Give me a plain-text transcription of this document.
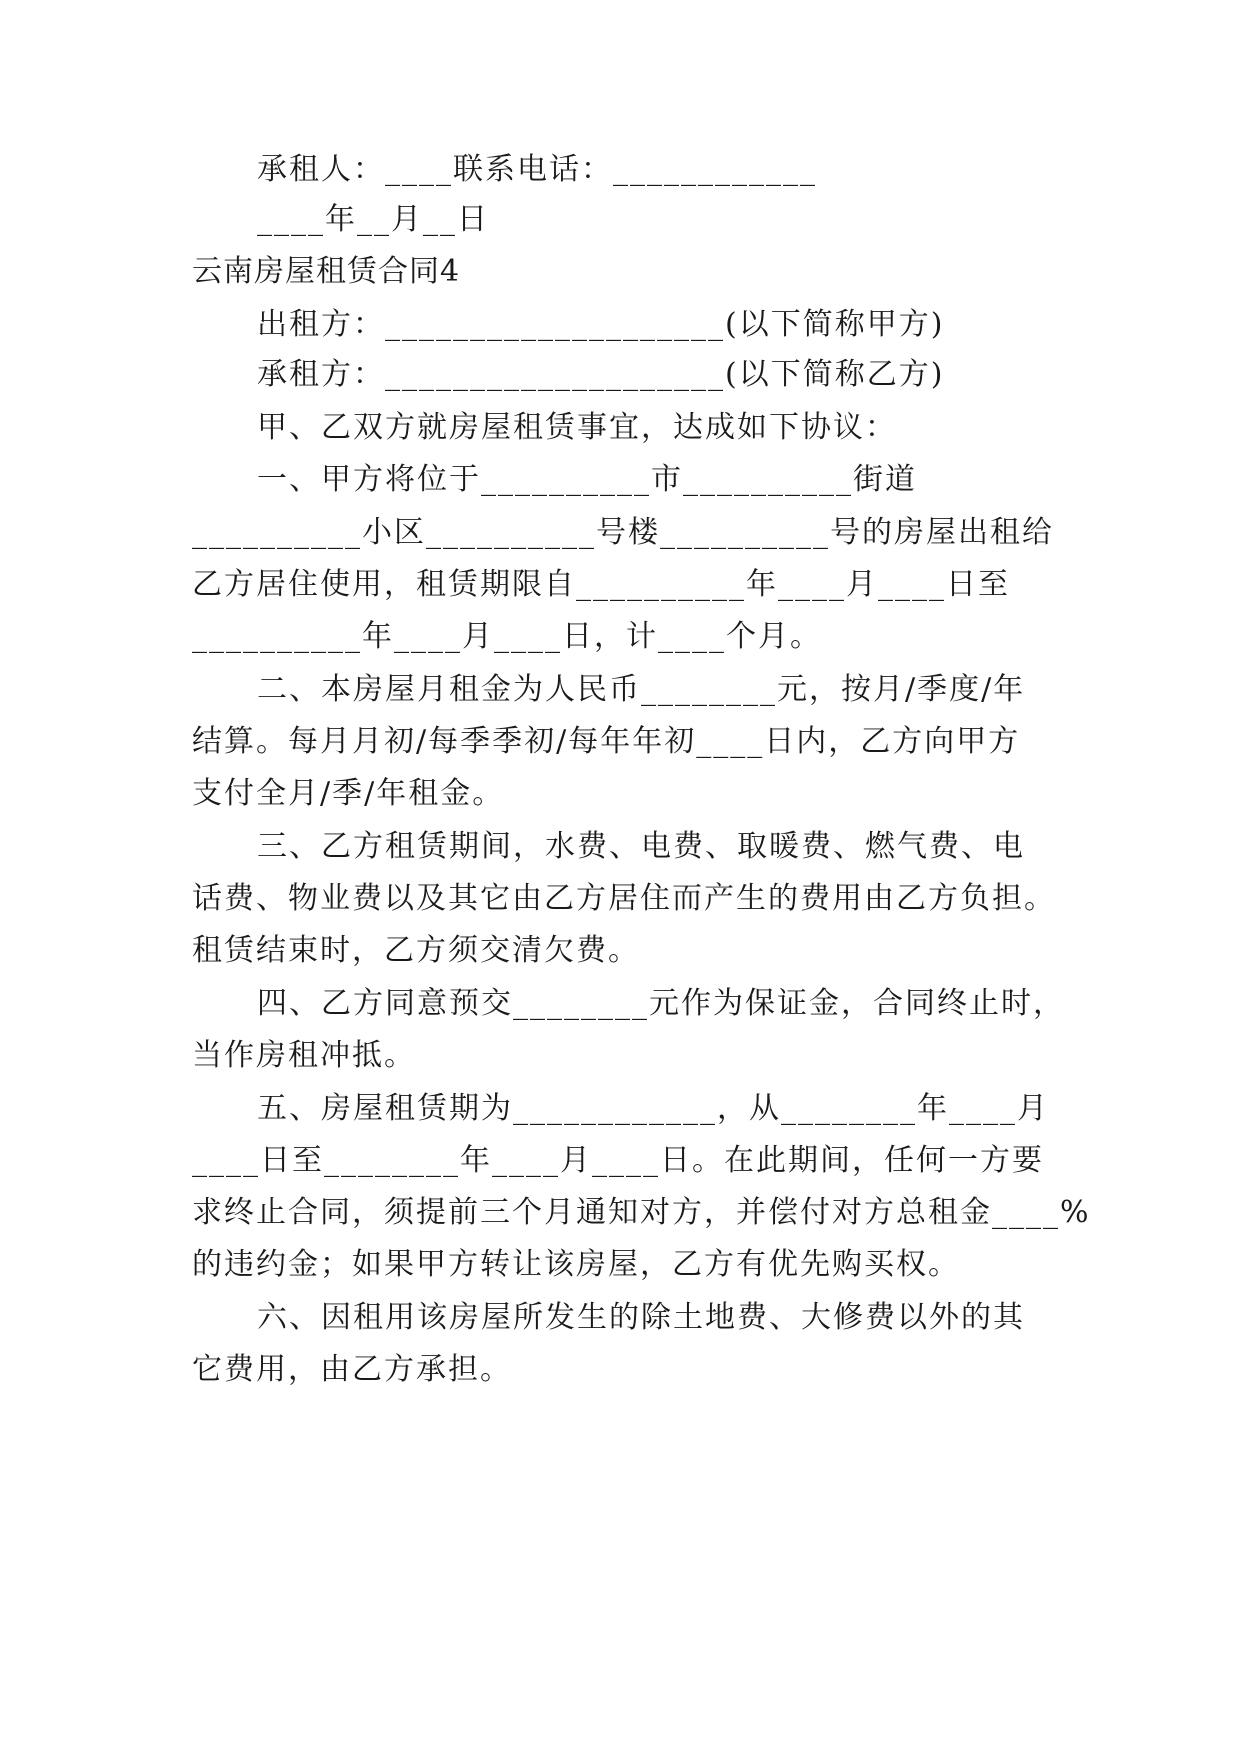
承租人：____联系电话：____________
____年__月__日
云南房屋租赁合同4
出租方：____________________(以下简称甲方)
承租方：____________________(以下简称乙方)
甲、乙双方就房屋租赁事宜，达成如下协议：
一、甲方将位于__________市__________街道
__________小区__________号楼__________号的房屋出租给
乙方居住使用，租赁期限自__________年____月____日至
__________年____月____日，计____个月。
二、本房屋月租金为人民币________元，按月/季度/年
结算。每月月初/每季季初/每年年初____日内，乙方向甲方
支付全月/季/年租金。
三、乙方租赁期间，水费、电费、取暖费、燃气费、电
话费、物业费以及其它由乙方居住而产生的费用由乙方负担。
租赁结束时，乙方须交清欠费。
四、乙方同意预交________元作为保证金，合同终止时，
当作房租冲抵。
五、房屋租赁期为____________，从________年____月
____日至________年____月____日。在此期间，任何一方要
求终止合同，须提前三个月通知对方，并偿付对方总租金____%
的违约金；如果甲方转让该房屋，乙方有优先购买权。
六、因租用该房屋所发生的除土地费、大修费以外的其
它费用，由乙方承担。
